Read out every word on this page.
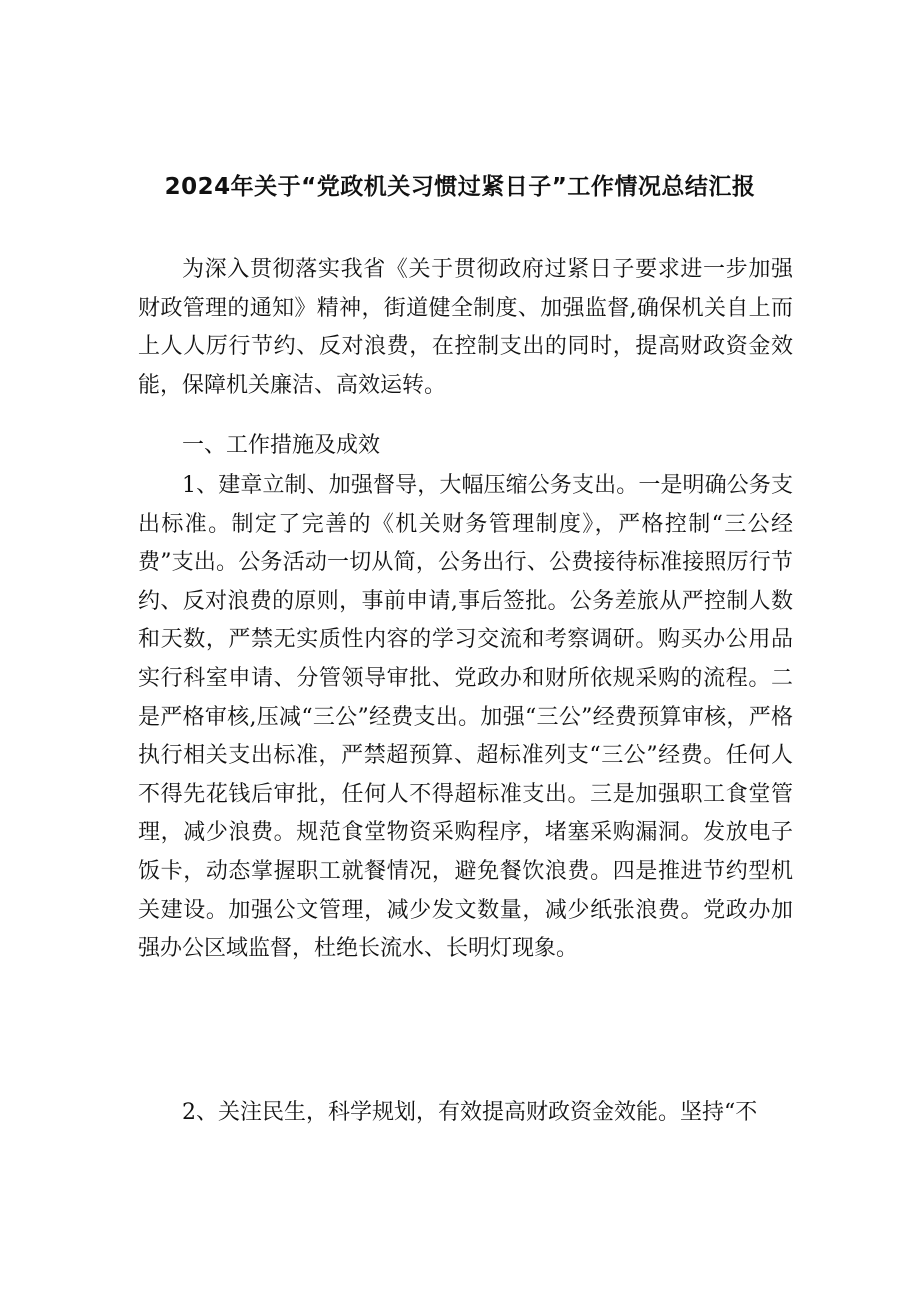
2024年关于“党政机关习惯过紧日子”工作情况总结汇报

为深入贯彻落实我省《关于贯彻政府过紧日子要求进一步加强财政管理的通知》精神，街道健全制度、加强监督,确保机关自上而上人人厉行节约、反对浪费，在控制支出的同时，提高财政资金效能，保障机关廉洁、高效运转。

一、工作措施及成效

1、建章立制、加强督导，大幅压缩公务支出。一是明确公务支出标准。制定了完善的《机关财务管理制度》，严格控制“三公经费”支出。公务活动一切从简，公务出行、公费接待标准接照厉行节约、反对浪费的原则，事前申请,事后签批。公务差旅从严控制人数和天数，严禁无实质性内容的学习交流和考察调研。购买办公用品实行科室申请、分管领导审批、党政办和财所依规采购的流程。二是严格审核,压减“三公”经费支出。加强“三公”经费预算审核，严格执行相关支出标准，严禁超预算、超标准列支“三公”经费。任何人不得先花钱后审批，任何人不得超标准支出。三是加强职工食堂管理，减少浪费。规范食堂物资采购程序，堵塞采购漏洞。发放电子饭卡，动态掌握职工就餐情况，避免餐饮浪费。四是推进节约型机关建设。加强公文管理，减少发文数量，减少纸张浪费。党政办加强办公区域监督，杜绝长流水、长明灯现象。

2、关注民生，科学规划，有效提高财政资金效能。坚持“不
